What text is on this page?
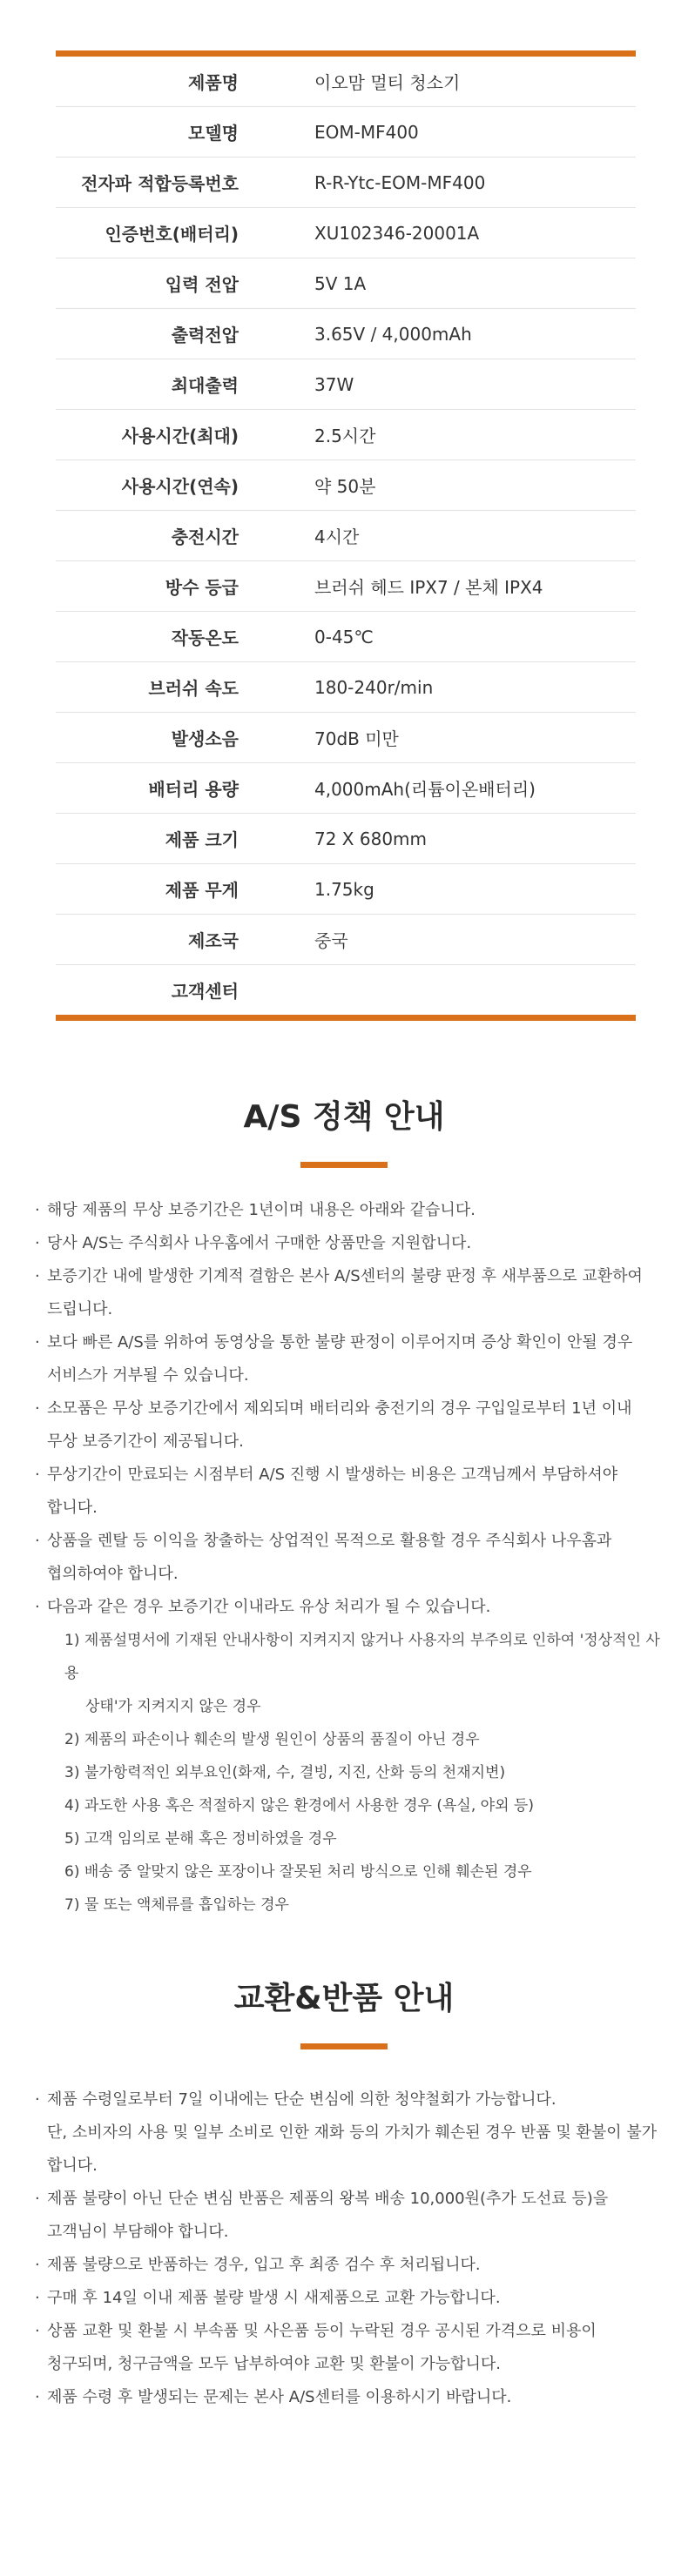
제품명	이오맘 멀티 청소기
모델명	EOM-MF400
전자파 적합등록번호	R-R-Ytc-EOM-MF400
인증번호(배터리)	XU102346-20001A
입력 전압	5V 1A
출력전압	3.65V / 4,000mAh
최대출력	37W
사용시간(최대)	2.5시간
사용시간(연속)	약 50분
충전시간	4시간
방수 등급	브러쉬 헤드 IPX7 / 본체 IPX4
작동온도	0-45℃
브러쉬 속도	180-240r/min
발생소음	70dB 미만
배터리 용량	4,000mAh(리튬이온배터리)
제품 크기	72 X 680mm
제품 무게	1.75kg
제조국	중국
고객센터
A/S 정책 안내
· 해당 제품의 무상 보증기간은 1년이며 내용은 아래와 같습니다.
· 당사 A/S는 주식회사 나우홈에서 구매한 상품만을 지원합니다.
· 보증기간 내에 발생한 기계적 결함은 본사 A/S센터의 불량 판정 후 새부품으로 교환하여
드립니다.
· 보다 빠른 A/S를 위하여 동영상을 통한 불량 판정이 이루어지며 증상 확인이 안될 경우
서비스가 거부될 수 있습니다.
· 소모품은 무상 보증기간에서 제외되며 배터리와 충전기의 경우 구입일로부터 1년 이내
무상 보증기간이 제공됩니다.
· 무상기간이 만료되는 시점부터 A/S 진행 시 발생하는 비용은 고객님께서 부담하셔야
합니다.
· 상품을 렌탈 등 이익을 창출하는 상업적인 목적으로 활용할 경우 주식회사 나우홈과
협의하여야 합니다.
· 다음과 같은 경우 보증기간 이내라도 유상 처리가 될 수 있습니다.
1) 제품설명서에 기재된 안내사항이 지켜지지 않거나 사용자의 부주의로 인하여 '정상적인 사용
상태'가 지켜지지 않은 경우
2) 제품의 파손이나 훼손의 발생 원인이 상품의 품질이 아닌 경우
3) 불가항력적인 외부요인(화재, 수, 결빙, 지진, 산화 등의 천재지변)
4) 과도한 사용 혹은 적절하지 않은 환경에서 사용한 경우 (욕실, 야외 등)
5) 고객 임의로 분해 혹은 정비하였을 경우
6) 배송 중 알맞지 않은 포장이나 잘못된 처리 방식으로 인해 훼손된 경우
7) 물 또는 액체류를 흡입하는 경우
교환&반품 안내
· 제품 수령일로부터 7일 이내에는 단순 변심에 의한 청약철회가 가능합니다.
단, 소비자의 사용 및 일부 소비로 인한 재화 등의 가치가 훼손된 경우 반품 및 환불이 불가합니다.
· 제품 불량이 아닌 단순 변심 반품은 제품의 왕복 배송 10,000원(추가 도선료 등)을
고객님이 부담해야 합니다.
· 제품 불량으로 반품하는 경우, 입고 후 최종 검수 후 처리됩니다.
· 구매 후 14일 이내 제품 불량 발생 시 새제품으로 교환 가능합니다.
· 상품 교환 및 환불 시 부속품 및 사은품 등이 누락된 경우 공시된 가격으로 비용이
청구되며, 청구금액을 모두 납부하여야 교환 및 환불이 가능합니다.
· 제품 수령 후 발생되는 문제는 본사 A/S센터를 이용하시기 바랍니다.
